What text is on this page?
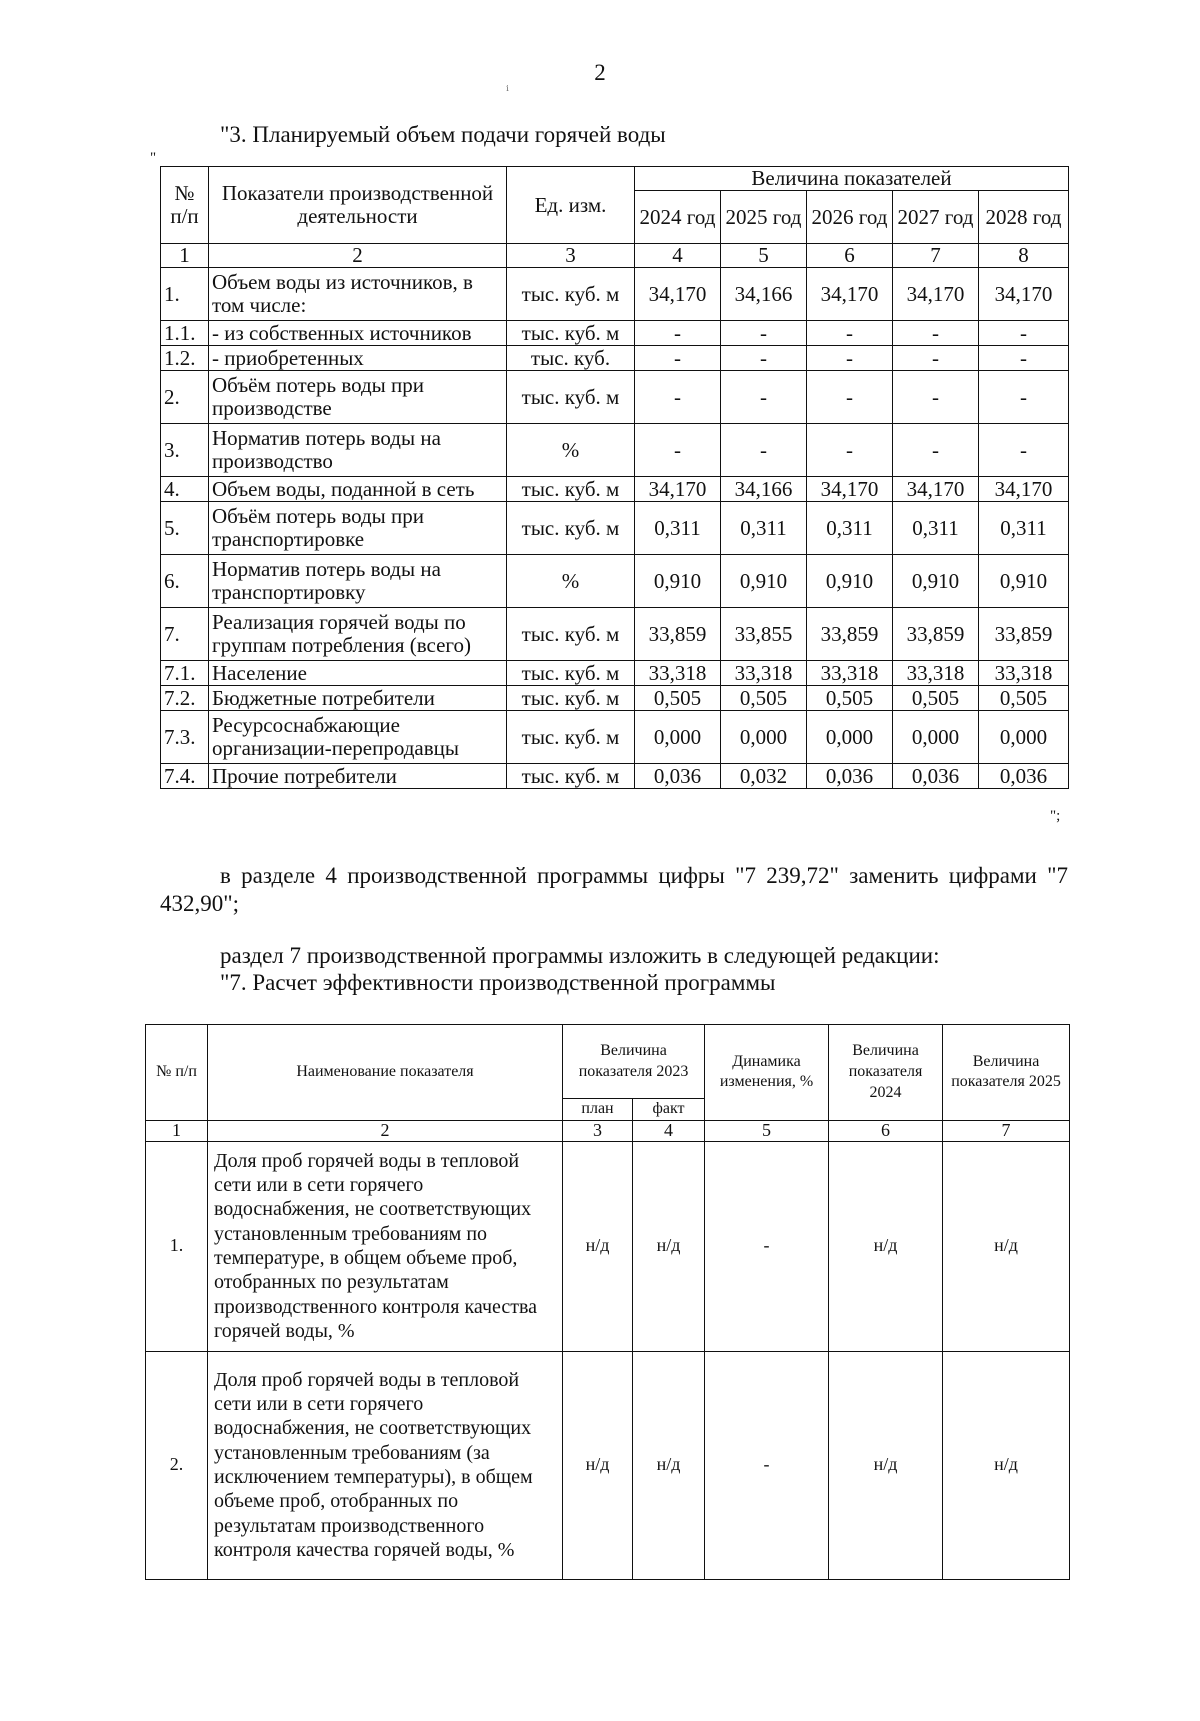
2
"
ⁱ
"3. Планируемый объем подачи горячей воды
№ п/п	Показатели производственной деятельности	Ед. изм.	Величина показателей				
			2024 год	2025 год	2026 год	2027 год	2028 год
1	2	3	4	5	6	7	8
1.	Объем воды из источников, в том числе:	тыс. куб. м	34,170	34,166	34,170	34,170	34,170
1.1.	- из собственных источников	тыс. куб. м	-	-	-	-	-
1.2.	- приобретенных	тыс. куб.	-	-	-	-	-
2.	Объём потерь воды при производстве	тыс. куб. м	-	-	-	-	-
3.	Норматив потерь воды на производство	%	-	-	-	-	-
4.	Объем воды, поданной в сеть	тыс. куб. м	34,170	34,166	34,170	34,170	34,170
5.	Объём потерь воды при транспортировке	тыс. куб. м	0,311	0,311	0,311	0,311	0,311
6.	Норматив потерь воды на транспортировку	%	0,910	0,910	0,910	0,910	0,910
7.	Реализация горячей воды по группам потребления (всего)	тыс. куб. м	33,859	33,855	33,859	33,859	33,859
7.1.	Население	тыс. куб. м	33,318	33,318	33,318	33,318	33,318
7.2.	Бюджетные потребители	тыс. куб. м	0,505	0,505	0,505	0,505	0,505
7.3.	Ресурсоснабжающие организации-перепродавцы	тыс. куб. м	0,000	0,000	0,000	0,000	0,000
7.4.	Прочие потребители	тыс. куб. м	0,036	0,032	0,036	0,036	0,036
";
в разделе 4 производственной программы цифры "7 239,72" заменить цифрами "7 432,90";
раздел 7 производственной программы изложить в следующей редакции:
"7. Расчет эффективности производственной программы
№ п/п	Наименование показателя	Величина показателя 2023		Динамика изменения, %	Величина показателя 2024	Величина показателя 2025
		план	факт			
1	2	3	4	5	6	7
1.	Доля проб горячей воды в тепловой сети или в сети горячего водоснабжения, не соответствующих установленным требованиям по температуре, в общем объеме проб, отобранных по результатам производственного контроля качества горячей воды, %	н/д	н/д	-	н/д	н/д
2.	Доля проб горячей воды в тепловой сети или в сети горячего водоснабжения, не соответствующих установленным требованиям (за исключением температуры), в общем объеме проб, отобранных по результатам производственного контроля качества горячей воды, %	н/д	н/д	-	н/д	н/д
